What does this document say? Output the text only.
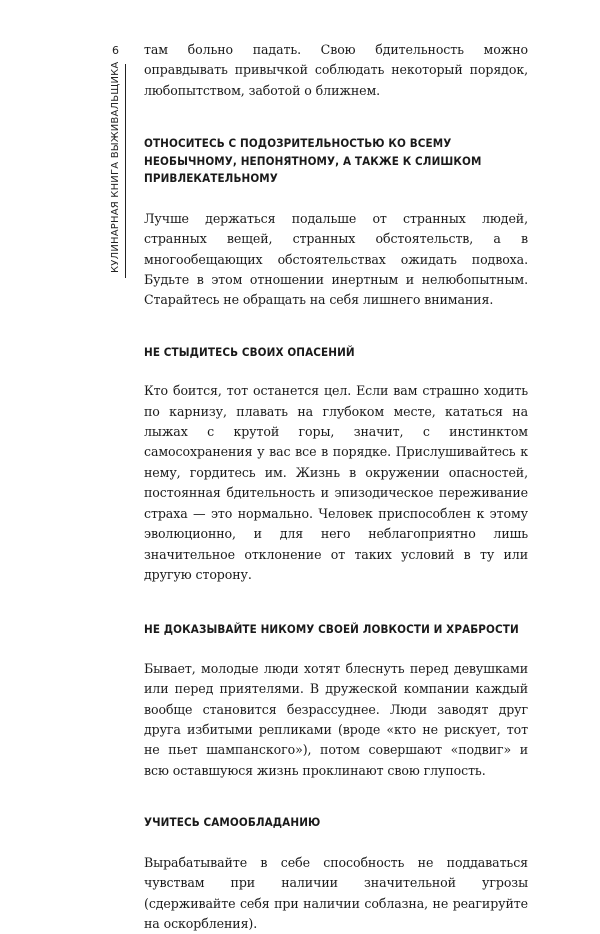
6
КУЛИНАРНАЯ КНИГА ВЫЖИВАЛЬЩИКА

там больно падать. Свою бдительность можно оправдывать привычкой соблюдать некоторый порядок, любопытством, заботой о ближнем.

ОТНОСИТЕСЬ С ПОДОЗРИТЕЛЬНОСТЬЮ КО ВСЕМУ НЕОБЫЧНОМУ, НЕПОНЯТНОМУ, А ТАКЖЕ К СЛИШКОМ ПРИВЛЕКАТЕЛЬНОМУ

Лучше держаться подальше от странных людей, странных вещей, странных обстоятельств, а в многообещающих обстоятельствах ожидать подвоха. Будьте в этом отношении инертным и нелюбопытным. Старайтесь не обращать на себя лишнего внимания.

НЕ СТЫДИТЕСЬ СВОИХ ОПАСЕНИЙ

Кто боится, тот останется цел. Если вам страшно ходить по карнизу, плавать на глубоком месте, кататься на лыжах с крутой горы, значит, с инстинктом самосохранения у вас все в порядке. Прислушивайтесь к нему, гордитесь им. Жизнь в окружении опасностей, постоянная бдительность и эпизодическое переживание страха — это нормально. Человек приспособлен к этому эволюционно, и для него неблагоприятно лишь значительное отклонение от таких условий в ту или другую сторону.

НЕ ДОКАЗЫВАЙТЕ НИКОМУ СВОЕЙ ЛОВКОСТИ И ХРАБРОСТИ

Бывает, молодые люди хотят блеснуть перед девушками или перед приятелями. В дружеской компании каждый вообще становится безрассуднее. Люди заводят друг друга избитыми репликами (вроде «кто не рискует, тот не пьет шампанского»), потом совершают «подвиг» и всю оставшуюся жизнь проклинают свою глупость.

УЧИТЕСЬ САМООБЛАДАНИЮ

Вырабатывайте в себе способность не поддаваться чувствам при наличии значительной угрозы (сдерживайте себя при наличии соблазна, не реагируйте на оскорбления).
